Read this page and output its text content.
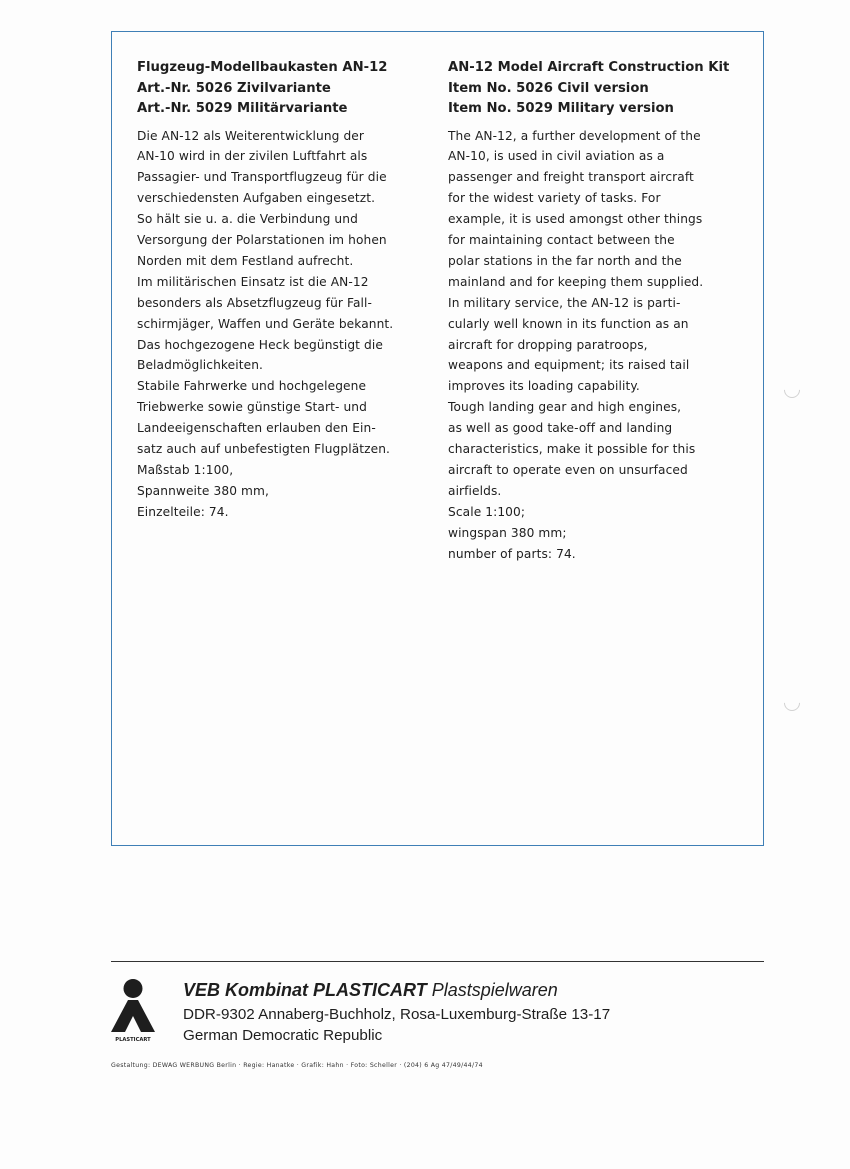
Flugzeug-Modellbaukasten AN-12
Art.-Nr. 5026 Zivilvariante
Art.-Nr. 5029 Militärvariante
Die AN-12 als Weiterentwicklung der
AN-10 wird in der zivilen Luftfahrt als
Passagier- und Transportflugzeug für die
verschiedensten Aufgaben eingesetzt.
So hält sie u. a. die Verbindung und
Versorgung der Polarstationen im hohen
Norden mit dem Festland aufrecht.
Im militärischen Einsatz ist die AN-12
besonders als Absetzflugzeug für Fall-
schirmjäger, Waffen und Geräte bekannt.
Das hochgezogene Heck begünstigt die
Beladmöglichkeiten.
Stabile Fahrwerke und hochgelegene
Triebwerke sowie günstige Start- und
Landeeigenschaften erlauben den Ein-
satz auch auf unbefestigten Flugplätzen.
Maßstab 1:100,
Spannweite 380 mm,
Einzelteile: 74.
AN-12 Model Aircraft Construction Kit
Item No. 5026 Civil version
Item No. 5029 Military version
The AN-12, a further development of the
AN-10, is used in civil aviation as a
passenger and freight transport aircraft
for the widest variety of tasks. For
example, it is used amongst other things
for maintaining contact between the
polar stations in the far north and the
mainland and for keeping them supplied.
In military service, the AN-12 is parti-
cularly well known in its function as an
aircraft for dropping paratroops,
weapons and equipment; its raised tail
improves its loading capability.
Tough landing gear and high engines,
as well as good take-off and landing
characteristics, make it possible for this
aircraft to operate even on unsurfaced
airfields.
Scale 1:100;
wingspan 380 mm;
number of parts: 74.
PLASTICART
VEB Kombinat PLASTICART Plastspielwaren
DDR-9302 Annaberg-Buchholz, Rosa-Luxemburg-Straße 13-17
German Democratic Republic
Gestaltung: DEWAG WERBUNG Berlin · Regie: Hanatke · Grafik: Hahn · Foto: Scheller · (204) 6 Ag 47/49/44/74
